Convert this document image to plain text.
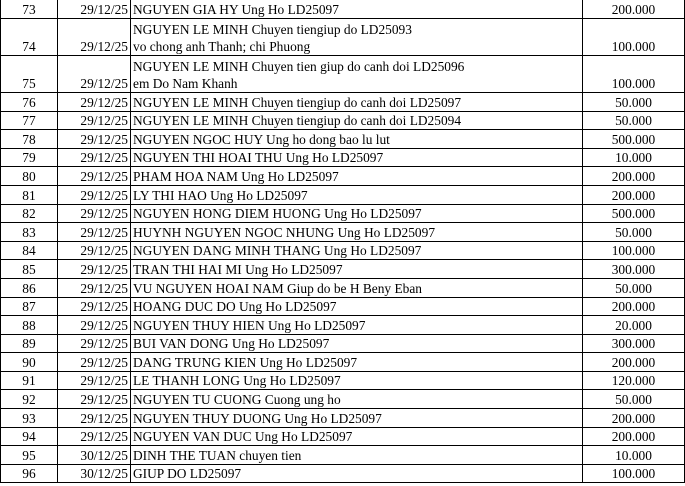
73	29/12/25	NGUYEN GIA HY Ung Ho LD25097	200.000
74	29/12/25	NGUYEN LE MINH Chuyen tiengiup do LD25093
vo chong anh Thanh; chi Phuong	100.000
75	29/12/25	NGUYEN LE MINH Chuyen tien giup do canh doi LD25096
em Do Nam Khanh	100.000
76	29/12/25	NGUYEN LE MINH Chuyen tiengiup do canh doi LD25097	50.000
77	29/12/25	NGUYEN LE MINH Chuyen tiengiup do canh doi LD25094	50.000
78	29/12/25	NGUYEN NGOC HUY Ung ho dong bao lu lut	500.000
79	29/12/25	NGUYEN THI HOAI THU Ung Ho LD25097	10.000
80	29/12/25	PHAM HOA NAM Ung Ho LD25097	200.000
81	29/12/25	LY THI HAO Ung Ho LD25097	200.000
82	29/12/25	NGUYEN HONG DIEM HUONG Ung Ho LD25097	500.000
83	29/12/25	HUYNH NGUYEN NGOC NHUNG Ung Ho LD25097	50.000
84	29/12/25	NGUYEN DANG MINH THANG Ung Ho LD25097	100.000
85	29/12/25	TRAN THI HAI MI Ung Ho LD25097	300.000
86	29/12/25	VU NGUYEN HOAI NAM Giup do be H Beny Eban	50.000
87	29/12/25	HOANG DUC DO Ung Ho LD25097	200.000
88	29/12/25	NGUYEN THUY HIEN Ung Ho LD25097	20.000
89	29/12/25	BUI VAN DONG Ung Ho LD25097	300.000
90	29/12/25	DANG TRUNG KIEN Ung Ho LD25097	200.000
91	29/12/25	LE THANH LONG Ung Ho LD25097	120.000
92	29/12/25	NGUYEN TU CUONG Cuong ung ho	50.000
93	29/12/25	NGUYEN THUY DUONG Ung Ho LD25097	200.000
94	29/12/25	NGUYEN VAN DUC Ung Ho LD25097	200.000
95	30/12/25	DINH THE TUAN chuyen tien	10.000
96	30/12/25	GIUP DO LD25097	100.000
